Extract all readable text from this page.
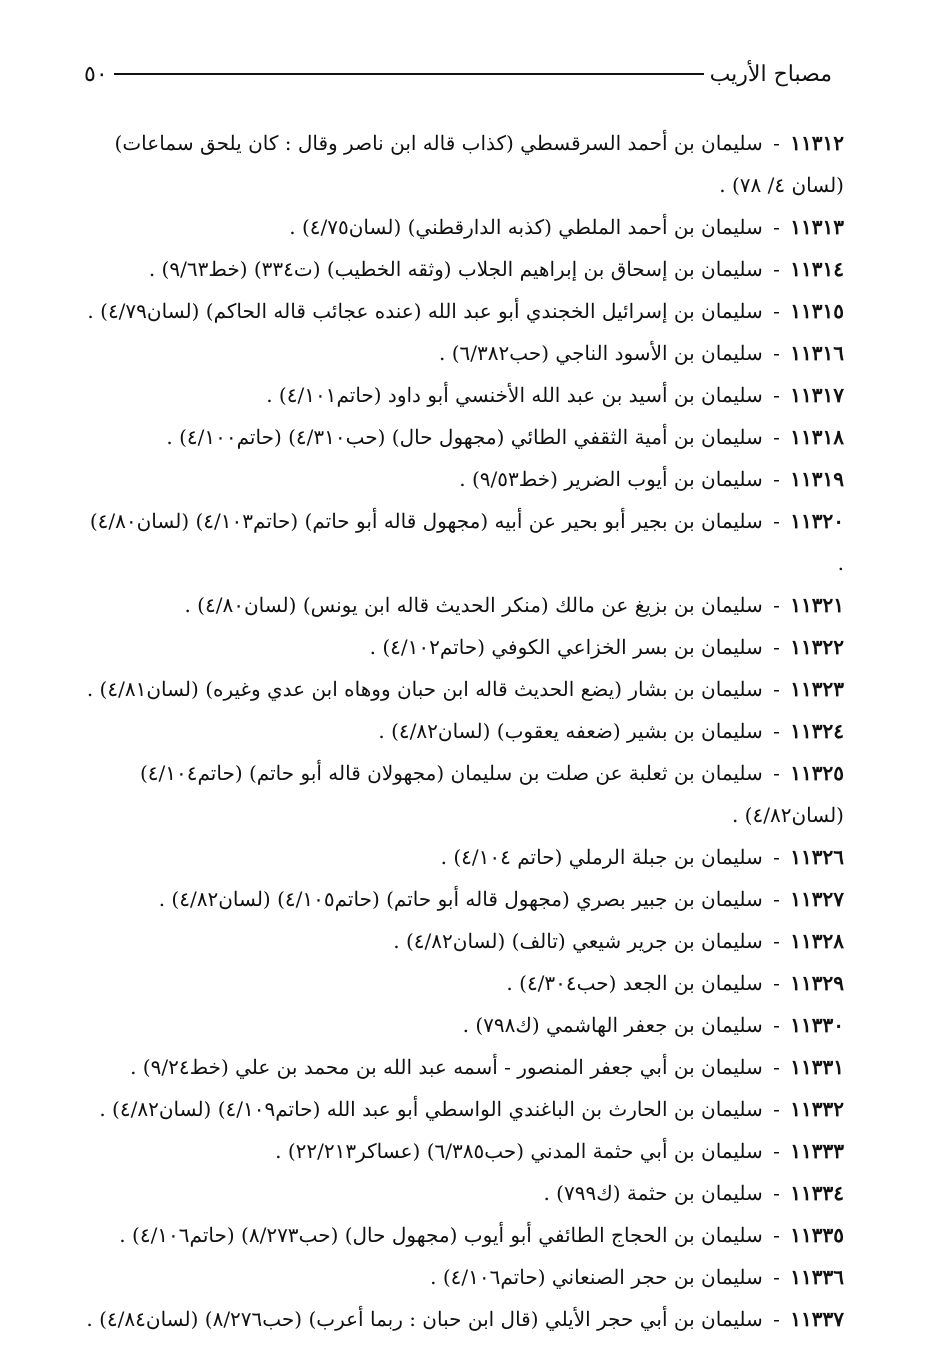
مصباح الأريب
٥٠
١١٣١٢ - سليمان بن أحمد السرقسطي (كذاب قاله ابن ناصر وقال : كان يلحق سماعات) (لسان ٤/ ٧٨) .
١١٣١٣ - سليمان بن أحمد الملطي (كذبه الدارقطني) (لسان٤/٧٥) .
١١٣١٤ - سليمان بن إسحاق بن إبراهيم الجلاب (وثقه الخطيب) (ت٣٣٤) (خط٩/٦٣) .
١١٣١٥ - سليمان بن إسرائيل الخجندي أبو عبد الله (عنده عجائب قاله الحاكم) (لسان٤/٧٩) .
١١٣١٦ - سليمان بن الأسود الناجي (حب٦/٣٨٢) .
١١٣١٧ - سليمان بن أسيد بن عبد الله الأخنسي أبو داود (حاتم٤/١٠١) .
١١٣١٨ - سليمان بن أمية الثقفي الطائي (مجهول حال) (حب٤/٣١٠) (حاتم٤/١٠٠) .
١١٣١٩ - سليمان بن أيوب الضرير (خط٩/٥٣) .
١١٣٢٠ - سليمان بن بجير أبو بحير عن أبيه (مجهول قاله أبو حاتم) (حاتم٤/١٠٣) (لسان٤/٨٠) .
١١٣٢١ - سليمان بن بزيغ عن مالك (منكر الحديث قاله ابن يونس) (لسان٤/٨٠) .
١١٣٢٢ - سليمان بن بسر الخزاعي الكوفي (حاتم٤/١٠٢) .
١١٣٢٣ - سليمان بن بشار (يضع الحديث قاله ابن حبان ووهاه ابن عدي وغيره) (لسان٤/٨١) .
١١٣٢٤ - سليمان بن بشير (ضعفه يعقوب) (لسان٤/٨٢) .
١١٣٢٥ - سليمان بن ثعلبة عن صلت بن سليمان (مجهولان قاله أبو حاتم) (حاتم٤/١٠٤) (لسان٤/٨٢) .
١١٣٢٦ - سليمان بن جبلة الرملي (حاتم ٤/١٠٤) .
١١٣٢٧ - سليمان بن جبير بصري (مجهول قاله أبو حاتم) (حاتم٤/١٠٥) (لسان٤/٨٢) .
١١٣٢٨ - سليمان بن جرير شيعي (تالف) (لسان٤/٨٢) .
١١٣٢٩ - سليمان بن الجعد (حب٤/٣٠٤) .
١١٣٣٠ - سليمان بن جعفر الهاشمي (ك٧٩٨) .
١١٣٣١ - سليمان بن أبي جعفر المنصور - أسمه عبد الله بن محمد بن علي (خط٩/٢٤) .
١١٣٣٢ - سليمان بن الحارث بن الباغندي الواسطي أبو عبد الله (حاتم٤/١٠٩) (لسان٤/٨٢) .
١١٣٣٣ - سليمان بن أبي حثمة المدني (حب٦/٣٨٥) (عساكر٢٢/٢١٣) .
١١٣٣٤ - سليمان بن حثمة (ك٧٩٩) .
١١٣٣٥ - سليمان بن الحجاج الطائفي أبو أيوب (مجهول حال) (حب٨/٢٧٣) (حاتم٤/١٠٦) .
١١٣٣٦ - سليمان بن حجر الصنعاني (حاتم٤/١٠٦) .
١١٣٣٧ - سليمان بن أبي حجر الأيلي (قال ابن حبان : ربما أعرب) (حب٨/٢٧٦) (لسان٤/٨٤) .
